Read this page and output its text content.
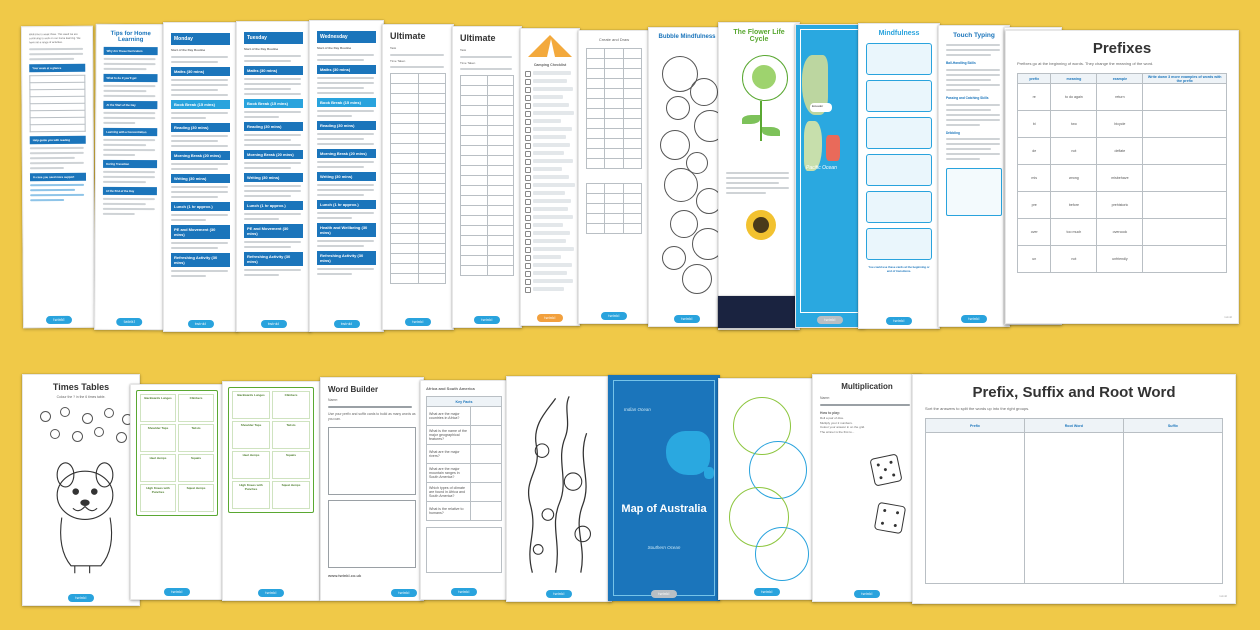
Welcome to week three. This week we are continuing to work on our home learning. We have set a range of activities.
Your week at a glance

Help guide you with reading
In case you need more support
twinkl
Tips for Home Learning
Why Are These Curriculum
What to do if you'll get
At the Start of the Day
Learning with a Concentration
During Transition
At the End of the Day
twinkl
Monday
Start of the Day Routine
Maths (30 mins)
Book Break (15 mins)
Reading (30 mins)
Morning Break (20 mins)
Writing (30 mins)
Lunch (1 hr approx.)
PE and Movement (30 mins)
Refreshing Activity (30 mins)
twinkl
Tuesday
Start of the Day Routine
Maths (30 mins)
Book Break (15 mins)
Reading (30 mins)
Morning Break (20 mins)
Writing (30 mins)
Lunch (1 hr approx.)
PE and Movement (30 mins)
Refreshing Activity (30 mins)
twinkl
Wednesday
Start of the Day Routine
Maths (30 mins)
Book Break (15 mins)
Reading (30 mins)
Morning Break (20 mins)
Writing (30 mins)
Lunch (1 hr approx.)
Health and Wellbeing (30 mins)
Refreshing Activity (30 mins)
twinkl
Ultimate
Task
Time Taken

twinkl
Ultimate
Task
Time Taken

twinkl
Camping Checklist
twinkl
Create and Draw

twinkl
Bubble Mindfulness
twinkl
The Flower Life Cycle
Ecuador
Pacific Ocean
twinkl
Mindfulness
You could use these cards at the beginning or end of transitions.
twinkl
Touch Typing
Ball-Handling Skills
Passing and Catching Skills
Dribbling
twinkl

Prefixes
Prefixes go at the beginning of words. They change the meaning of the word.
prefix	meaning	example	Write down 3 more examples of words with the prefix
re	to do again	return	
bi	two	bicycle	
de	not	deflate	
mis	wrong	misbehave	
pre	before	prehistoric	
over	too much	overcook	
un	not	unfriendly	
twinkl
Times Tables
Colour the ? in the 6 times table.
twinkl
Backwards Lunges	Climbers
Shoulder Taps	Twists
Heel Jumps	Squats
High Knees with Punches
Squat Jumps
twinkl
Backwards Lunges	Climbers
Shoulder Taps	Twists
Heel Jumps	Squats
High Knees with Punches
Squat Jumps
twinkl
Word Builder
Name:
Use your prefix and suffix cards to build as many words as you can.
www.twinkl.co.uk
twinkl
Africa and South America
Key Facts	
What are the major countries in Africa?	
What is the name of the major geographical features?	
What are the major rivers?	
What are the major mountain ranges in South America?	
Which types of climate are found in Africa and South America?	
What is the relative to humans?	
twinkl	twinkl
Indian Ocean
Map of Australia
Southern Ocean
twinkl	twinkl
Multiplication
Name:
How to play:
Roll a pair of dice.
Multiply your 2 numbers.
Colour your answer in on the grid.
The winner is the first to...
twinkl
Prefix, Suffix and Root Word
Sort the answers to split the words up into the right groups.
Prefix	Root Word	Suffix

twinkl
